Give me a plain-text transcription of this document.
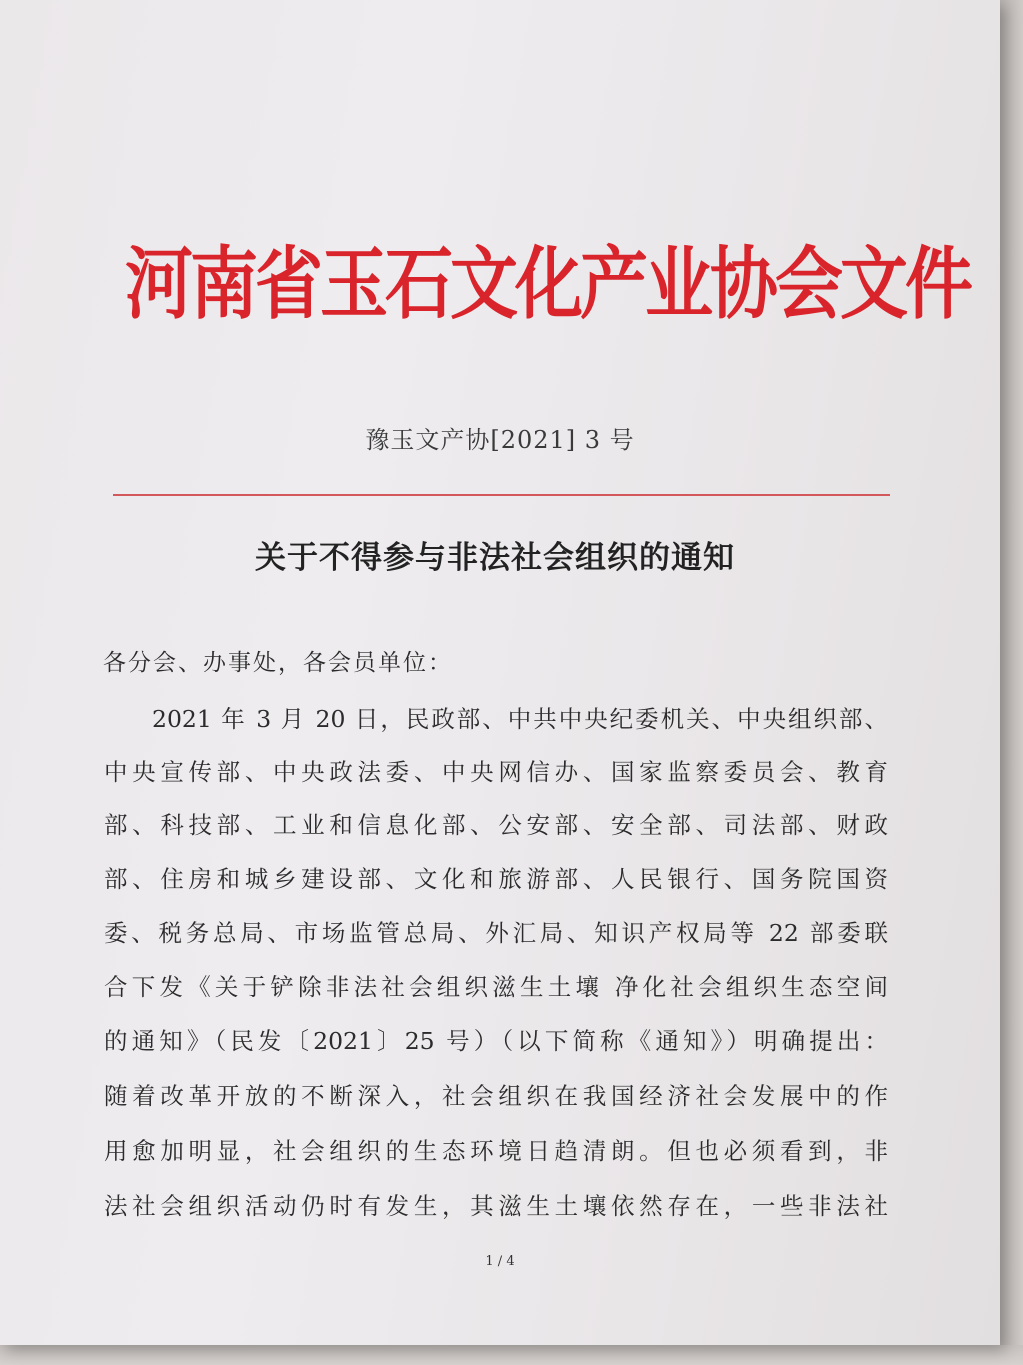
河南省玉石文化产业协会文件
豫玉文产协[2021] 3 号
关于不得参与非法社会组织的通知
各分会、办事处，各会员单位：
2021 年 3 月 20 日，民政部、中共中央纪委机关、中央组织部、
中央宣传部、中央政法委、中央网信办、国家监察委员会、教育
部、科技部、工业和信息化部、公安部、安全部、司法部、财政
部、住房和城乡建设部、文化和旅游部、人民银行、国务院国资
委、税务总局、市场监管总局、外汇局、知识产权局等 22 部委联
合下发《关于铲除非法社会组织滋生土壤 净化社会组织生态空间
的通知》（民发〔2021〕25 号）（以下简称《通知》）明确提出：
随着改革开放的不断深入，社会组织在我国经济社会发展中的作
用愈加明显，社会组织的生态环境日趋清朗。但也必须看到，非
法社会组织活动仍时有发生，其滋生土壤依然存在，一些非法社
1 / 4
